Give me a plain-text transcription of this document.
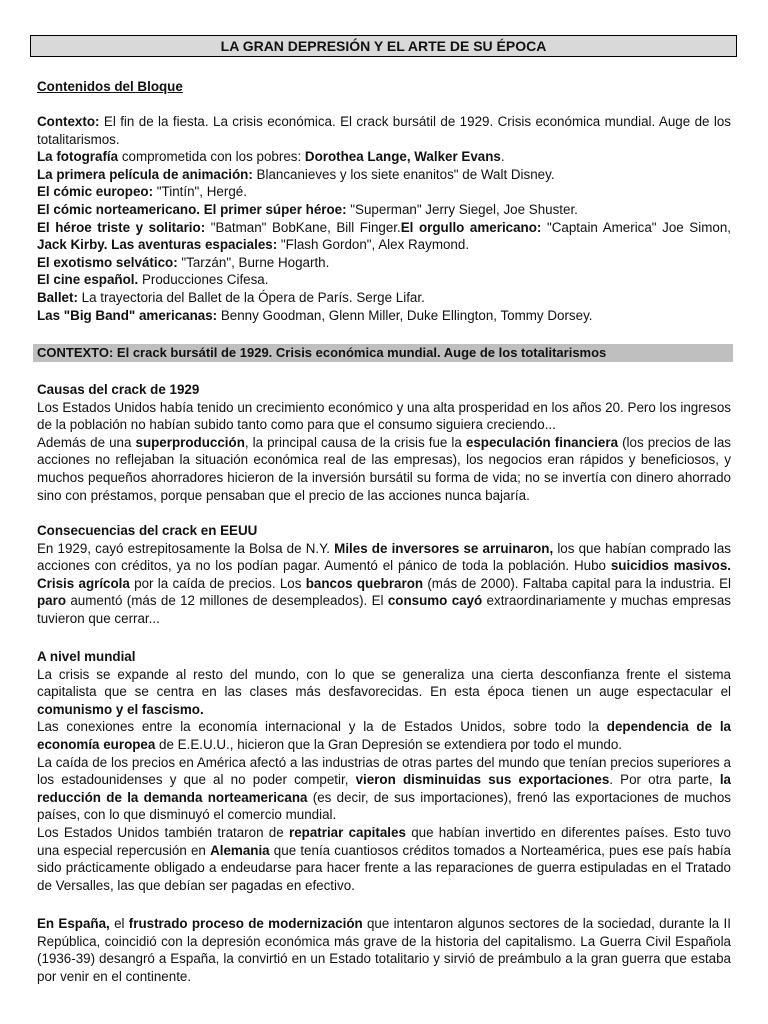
LA GRAN DEPRESIÓN Y EL ARTE DE SU ÉPOCA

Contenidos del Bloque

Contexto: El fin de la fiesta. La crisis económica. El crack bursátil de 1929. Crisis económica mundial. Auge de los totalitarismos.

La fotografía comprometida con los pobres: Dorothea Lange, Walker Evans.

La primera película de animación: Blancanieves y los siete enanitos" de Walt Disney.

El cómic europeo: "Tintín", Hergé.

El cómic norteamericano. El primer súper héroe: "Superman" Jerry Siegel, Joe Shuster.

El héroe triste y solitario: "Batman" BobKane, Bill Finger.El orgullo americano: "Captain America" Joe Simon, Jack Kirby. Las aventuras espaciales: "Flash Gordon", Alex Raymond.

El exotismo selvático: "Tarzán", Burne Hogarth.

El cine español. Producciones Cifesa.

Ballet: La trayectoria del Ballet de la Ópera de París. Serge Lifar.

Las "Big Band" americanas: Benny Goodman, Glenn Miller, Duke Ellington, Tommy Dorsey.

CONTEXTO: El crack bursátil de 1929. Crisis económica mundial. Auge de los totalitarismos

Causas del crack de 1929

Los Estados Unidos había tenido un crecimiento económico y una alta prosperidad en los años 20. Pero los ingresos de la población no habían subido tanto como para que el consumo siguiera creciendo...

Además de una superproducción, la principal causa de la crisis fue la especulación financiera (los precios de las acciones no reflejaban la situación económica real de las empresas), los negocios eran rápidos y beneficiosos, y muchos pequeños ahorradores hicieron de la inversión bursátil su forma de vida; no se invertía con dinero ahorrado sino con préstamos, porque pensaban que el precio de las acciones nunca bajaría.

Consecuencias del crack en EEUU

En 1929, cayó estrepitosamente la Bolsa de N.Y. Miles de inversores se arruinaron, los que habían comprado las acciones con créditos, ya no los podían pagar. Aumentó el pánico de toda la población. Hubo suicidios masivos. Crisis agrícola por la caída de precios. Los bancos quebraron (más de 2000). Faltaba capital para la industria. El paro aumentó (más de 12 millones de desempleados). El consumo cayó extraordinariamente y muchas empresas tuvieron que cerrar...

A nivel mundial

La crisis se expande al resto del mundo, con lo que se generaliza una cierta desconfianza frente el sistema capitalista que se centra en las clases más desfavorecidas. En esta época tienen un auge espectacular el comunismo y el fascismo.

Las conexiones entre la economía internacional y la de Estados Unidos, sobre todo la dependencia de la economía europea de E.E.U.U., hicieron que la Gran Depresión se extendiera por todo el mundo.

La caída de los precios en América afectó a las industrias de otras partes del mundo que tenían precios superiores a los estadounidenses y que al no poder competir, vieron disminuidas sus exportaciones. Por otra parte, la reducción de la demanda norteamericana (es decir, de sus importaciones), frenó las exportaciones de muchos países, con lo que disminuyó el comercio mundial.

Los Estados Unidos también trataron de repatriar capitales que habían invertido en diferentes países. Esto tuvo una especial repercusión en Alemania que tenía cuantiosos créditos tomados a Norteamérica, pues ese país había sido prácticamente obligado a endeudarse para hacer frente a las reparaciones de guerra estipuladas en el Tratado de Versalles, las que debían ser pagadas en efectivo.

En España, el frustrado proceso de modernización que intentaron algunos sectores de la sociedad, durante la II República, coincidió con la depresión económica más grave de la historia del capitalismo. La Guerra Civil Española (1936-39) desangró a España, la convirtió en un Estado totalitario y sirvió de preámbulo a la gran guerra que estaba por venir en el continente.
